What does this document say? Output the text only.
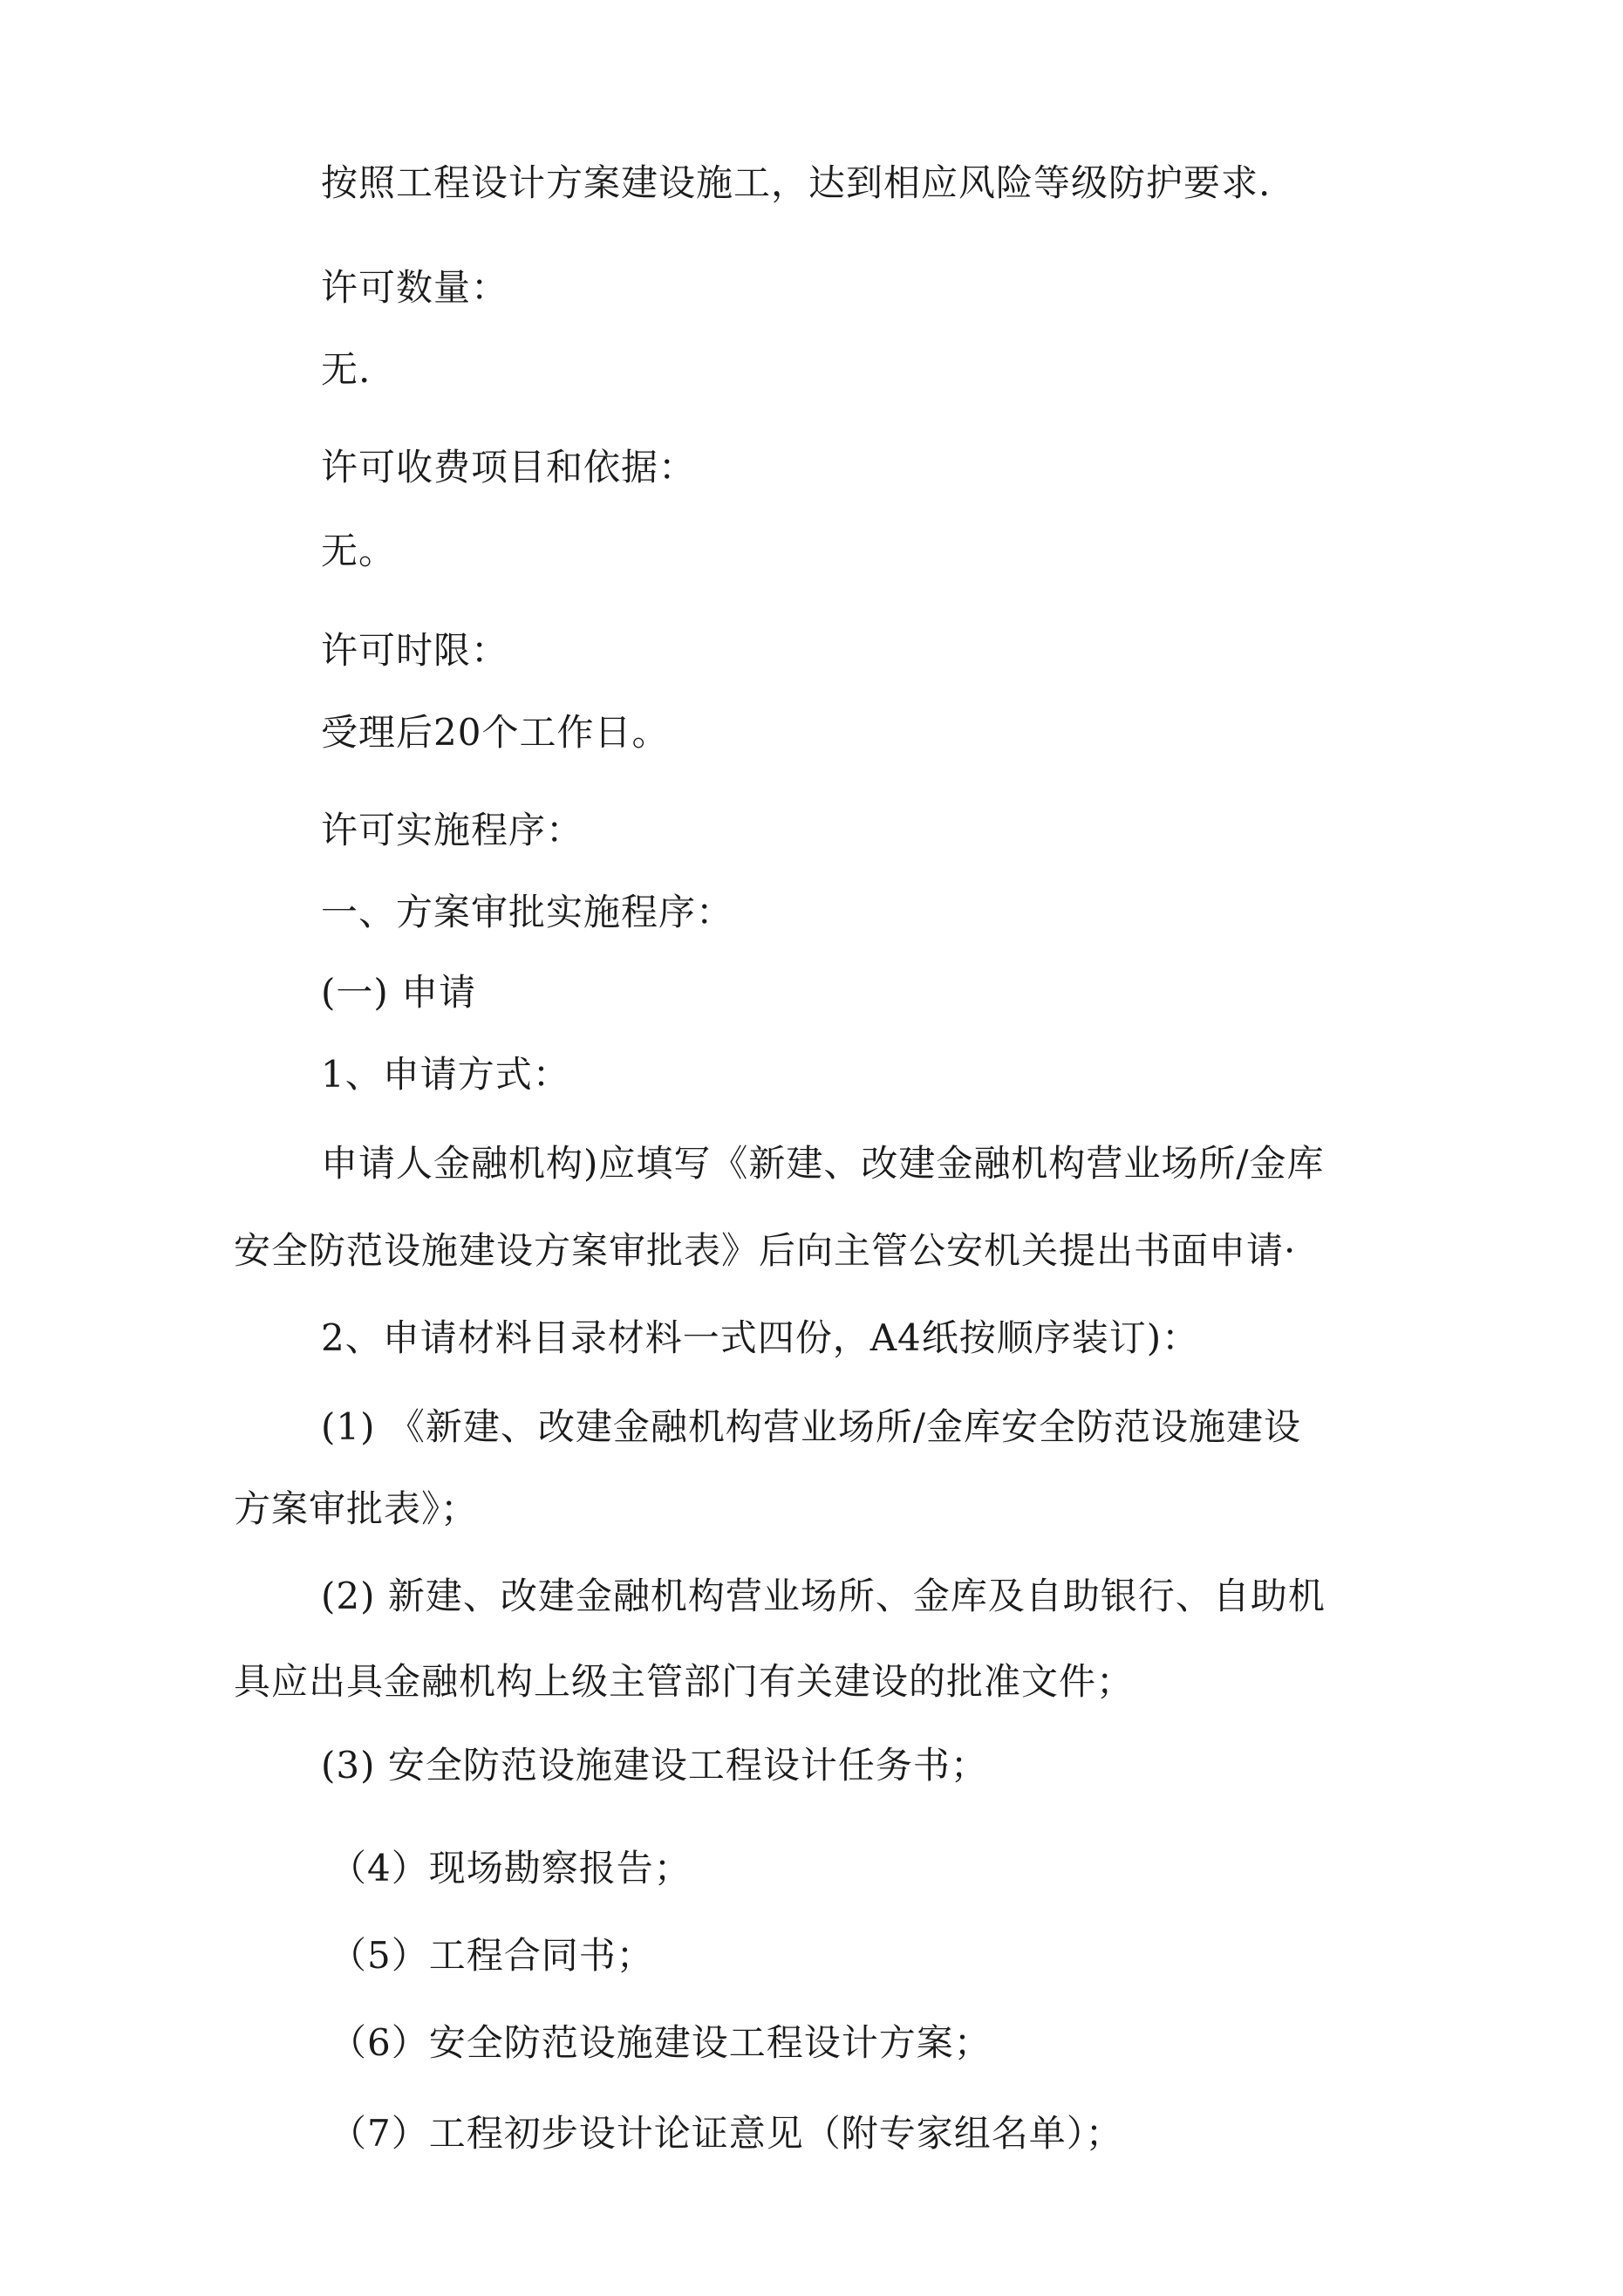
按照工程设计方案建设施工，达到相应风险等级防护要求.
许可数量：
无.
许可收费项目和依据：
无。
许可时限：
受理后20个工作日。
许可实施程序：
一、方案审批实施程序：
(一) 申请
1、申请方式：
申请人金融机构)应填写《新建、改建金融机构营业场所/金库
安全防范设施建设方案审批表》后向主管公安机关提出书面申请·
2、申请材料目录材料一式四份，A4纸按顺序装订)：
(1) 《新建、改建金融机构营业场所/金库安全防范设施建设
方案审批表》；
(2) 新建、改建金融机构营业场所、金库及自助银行、自助机
具应出具金融机构上级主管部门有关建设的批准文件；
(3) 安全防范设施建设工程设计任务书；
（4）现场勘察报告；
（5）工程合同书；
（6）安全防范设施建设工程设计方案；
（7）工程初步设计论证意见（附专家组名单）；
